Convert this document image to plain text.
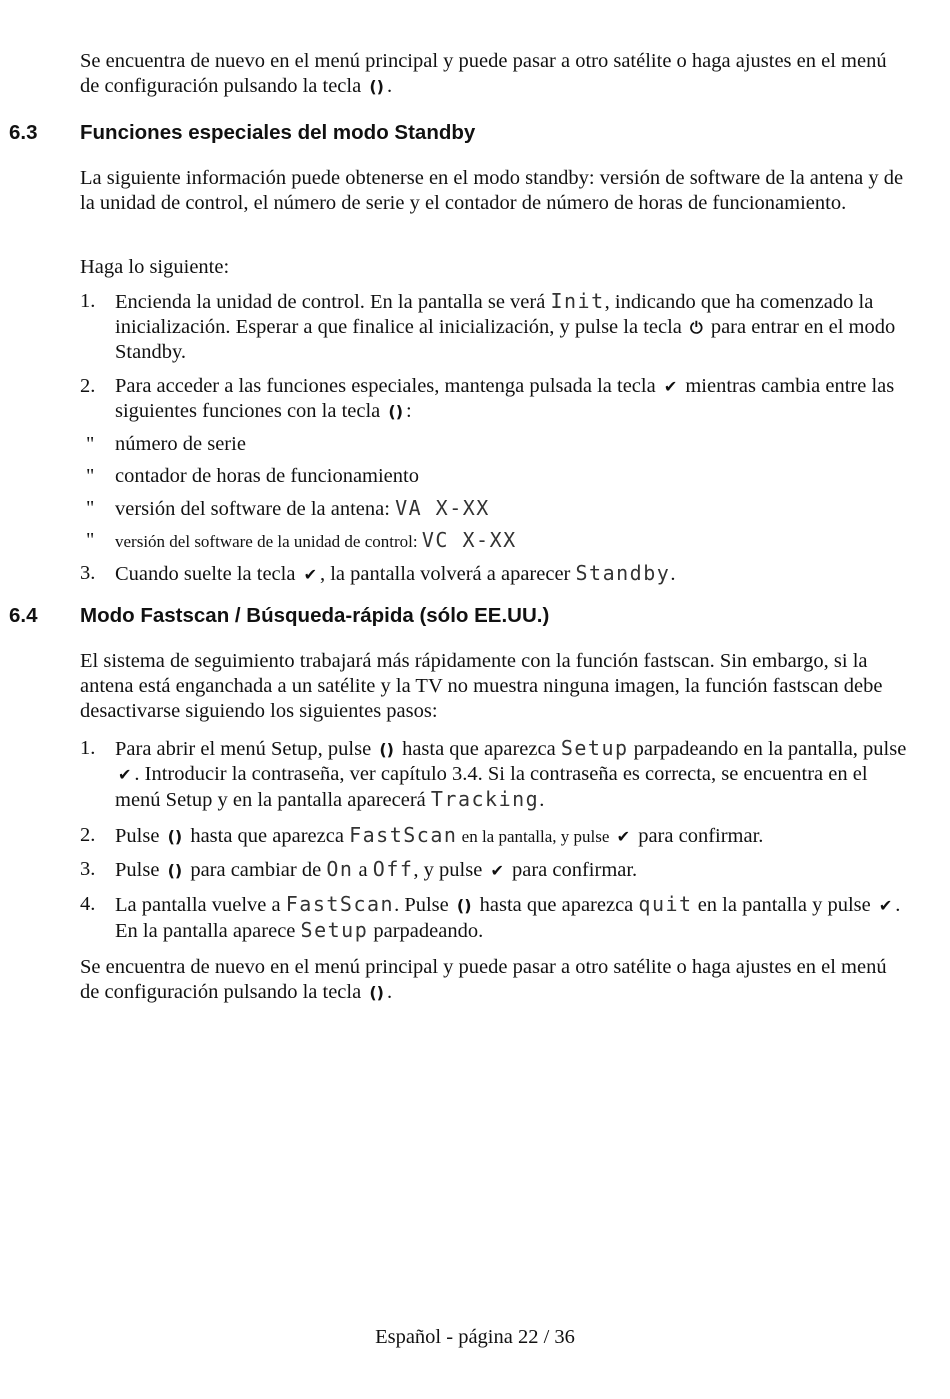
Se encuentra de nuevo en el menú principal y puede pasar a otro satélite o haga ajustes en el menú de configuración pulsando la tecla () .

6.3 Funciones especiales del modo Standby

La siguiente información puede obtenerse en el modo standby: versión de software de la antena y de la unidad de control, el número de serie y el contador de número de horas de funcionamiento.

Haga lo siguiente:

1. Encienda la unidad de control. En la pantalla se verá Init, indicando que ha comenzado la inicialización. Esperar a que finalice al inicialización, y pulse la tecla ⏻ para entrar en el modo Standby.
2. Para acceder a las funciones especiales, mantenga pulsada la tecla ✔ mientras cambia entre las siguientes funciones con la tecla () :
" número de serie
" contador de horas de funcionamiento
" versión del software de la antena: VA X-XX
" versión del software de la unidad de control: VC X-XX
3. Cuando suelte la tecla ✔ , la pantalla volverá a aparecer Standby.

6.4 Modo Fastscan / Búsqueda-rápida (sólo EE.UU.)

El sistema de seguimiento trabajará más rápidamente con la función fastscan. Sin embargo, si la antena está enganchada a un satélite y la TV no muestra ninguna imagen, la función fastscan debe desactivarse siguiendo los siguientes pasos:

1. Para abrir el menú Setup, pulse () hasta que aparezca Setup parpadeando en la pantalla, pulse ✔ . Introducir la contraseña, ver capítulo 3.4. Si la contraseña es correcta, se encuentra en el menú Setup y en la pantalla aparecerá Tracking.
2. Pulse () hasta que aparezca FastScan en la pantalla, y pulse ✔ para confirmar.
3. Pulse () para cambiar de On a Off, y pulse ✔ para confirmar.
4. La pantalla vuelve a FastScan. Pulse () hasta que aparezca quit en la pantalla y pulse ✔ . En la pantalla aparece Setup parpadeando.

Se encuentra de nuevo en el menú principal y puede pasar a otro satélite o haga ajustes en el menú de configuración pulsando la tecla () .

Español - página 22 / 36
